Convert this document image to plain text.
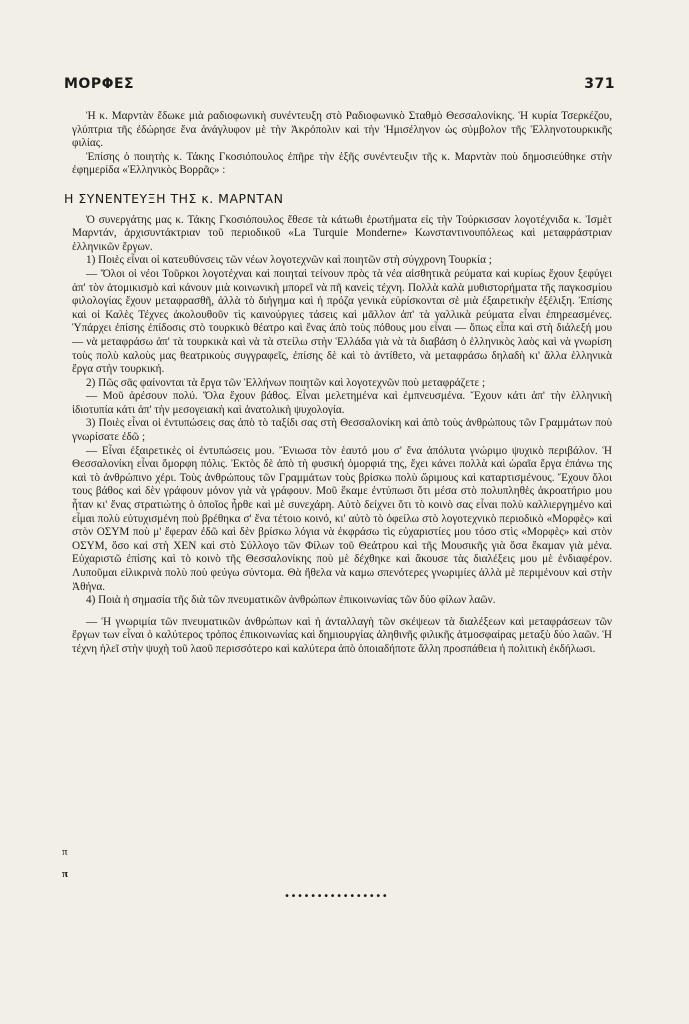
ΜΟΡΦΕΣ	371

Ἡ κ. Μαρντὰν ἔδωκε μιὰ ραδιοφωνικὴ συνέντευξη στὸ Ραδιοφωνικὸ Σταθμὸ Θεσσαλονίκης. Ἡ κυρία Τσερκέζου, γλύπτρια τῆς ἐδώρησε ἕνα ἀνάγλυφον μὲ τὴν Ἀκρόπολιν καὶ τὴν Ἡμισέληνον ὡς σύμβολον τῆς Ἑλληνοτουρκικῆς φιλίας.

Ἐπίσης ὁ ποιητὴς κ. Τάκης Γκοσιόπουλος ἐπῆρε τὴν ἑξῆς συνέντευξιν τῆς κ. Μαρντὰν ποὺ δημοσιεύθηκε στὴν ἐφημερίδα «Ἑλληνικὸς Βορρᾶς» :

Η ΣΥΝΕΝΤΕΥΞΗ ΤΗΣ κ. ΜΑΡΝΤΑΝ

Ὁ συνεργάτης μας κ. Τάκης Γκοσιόπουλος ἔθεσε τὰ κάτωθι ἐρωτήματα εἰς τὴν Τούρκισσαν λογοτέχνιδα κ. Ἰσμὲτ Μαρντάν, ἀρχισυντάκτριαν τοῦ περιοδικοῦ «La Turquie Monderne» Κωνσταντινουπόλεως καὶ μεταφράστριαν ἑλληνικῶν ἔργων.

1) Ποιὲς εἶναι οἱ κατευθύνσεις τῶν νέων λογοτεχνῶν καὶ ποιητῶν στὴ σύγχρονη Τουρκία ;

— Ὅλοι οἱ νέοι Τοῦρκοι λογοτέχναι καὶ ποιηταὶ τείνουν πρὸς τὰ νέα αἰσθητικὰ ρεύματα καὶ κυρίως ἔχουν ξεφύγει ἀπ' τὸν ἀτομικισμὸ καὶ κάνουν μιὰ κοινωνικὴ μπορεῖ νὰ πῆ κανεὶς τέχνη. Πολλὰ καλὰ μυθιστορήματα τῆς παγκοσμίου φιλολογίας ἔχουν μεταφρασθῆ, ἀλλὰ τὸ διήγημα καὶ ἡ πρόζα γενικὰ εὑρίσκονται σὲ μιὰ ἐξαιρετικὴν ἐξέλιξη. Ἐπίσης καὶ οἱ Καλὲς Τέχνες ἀκολουθοῦν τὶς καινούργιες τάσεις καὶ μᾶλλον ἀπ' τὰ γαλλικὰ ρεύματα εἶναι ἐπηρεασμένες. Ὑπάρχει ἐπίσης ἐπίδοσις στὸ τουρκικὸ θέατρο καὶ ἕνας ἀπὸ τοὺς πόθους μου εἶναι — ὅπως εἶπα καὶ στὴ διάλεξή μου — νὰ μεταφράσω ἀπ' τὰ τουρκικὰ καὶ νὰ τὰ στείλω στὴν Ἑλλάδα γιὰ νὰ τὰ διαβάση ὁ ἑλληνικὸς λαὸς καὶ νὰ γνωρίση τοὺς πολὺ καλοὺς μας θεατρικοὺς συγγραφεῖς, ἐπίσης δὲ καὶ τὸ ἀντίθετο, νὰ μεταφράσω δηλαδὴ κι' ἄλλα ἑλληνικὰ ἔργα στὴν τουρκική.

2) Πῶς σᾶς φαίνονται τὰ ἔργα τῶν Ἑλλήνων ποιητῶν καὶ λογοτεχνῶν ποὺ μεταφράζετε ;

— Μοῦ ἀρέσουν πολύ. Ὅλα ἔχουν βάθος. Εἶναι μελετημένα καὶ ἐμπνευσμένα. Ἔχουν κάτι ἀπ' τὴν ἑλληνικὴ ἰδιοτυπία κάτι ἀπ' τὴν μεσογειακὴ καὶ ἀνατολικὴ ψυχολογία.

3) Ποιὲς εἶναι οἱ ἐντυπώσεις σας ἀπὸ τὸ ταξίδι σας στὴ Θεσσαλονίκη καὶ ἀπὸ τοὺς ἀνθρώπους τῶν Γραμμάτων ποὺ γνωρίσατε ἐδῶ ;

— Εἶναι ἐξαιρετικὲς οἱ ἐντυπώσεις μου. Ἔνιωσα τὸν ἑαυτό μου σ' ἕνα ἀπόλυτα γνώριμο ψυχικὸ περιβάλον. Ἡ Θεσσαλονίκη εἶναι ὄμορφη πόλις. Ἐκτὸς δὲ ἀπὸ τὴ φυσική ὁμορφιά της, ἔχει κάνει πολλὰ καὶ ὡραῖα ἔργα ἐπάνω της καὶ τὸ ἀνθρώπινο χέρι. Τοὺς ἀνθρώπους τῶν Γραμμάτων τοὺς βρίσκω πολὺ ὥριμους καὶ καταρτισμένους. Ἔχουν ὅλοι τους βάθος καὶ δὲν γράφουν μόνον γιὰ νὰ γράφουν. Μοῦ ἔκαμε ἐντύπωσι ὅτι μέσα στὸ πολυπληθὲς ἀκροατήριο μου ἦταν κι' ἕνας στρατιώτης ὁ ὁποῖος ἦρθε καὶ μὲ συνεχάρη. Αὐτὸ δείχνει ὅτι τὸ κοινὸ σας εἶναι πολὺ καλλιεργημένο καὶ εἶμαι πολὺ εὐτυχισμένη ποὺ βρέθηκα σ' ἕνα τέτοιο κοινό, κι' αὐτὸ τὸ ὀφείλω στὸ λογοτεχνικὸ περιοδικὸ «Μορφὲς» καὶ στὸν ΟΣΥΜ ποὺ μ' ἔφεραν ἐδῶ καὶ δὲν βρίσκω λόγια νὰ ἐκφράσω τὶς εὐχαριστίες μου τόσο στὶς «Μορφὲς» καὶ στὸν ΟΣΥΜ, ὅσο καὶ στὴ ΧΕΝ καὶ στὸ Σύλλογο τῶν Φίλων τοῦ Θεάτρου καὶ τῆς Μουσικῆς γιὰ ὅσα ἔκαμαν γιὰ μένα. Εὐχαριστῶ ἐπίσης καὶ τὸ κοινὸ τῆς Θεσσαλονίκης ποὺ μὲ δέχθηκε καὶ ἄκουσε τὰς διαλέξεις μου μὲ ἐνδιαφέρον. Λυποῦμαι εἰλικρινὰ πολὺ ποὺ φεύγω σύντομα. Θὰ ἤθελα νὰ καμω σπενότερες γνωριμίες ἀλλὰ μὲ περιμένουν καὶ στὴν Ἀθήνα.

4) Ποιὰ ἡ σημασία τῆς διὰ τῶν πνευματικῶν ἀνθρώπων ἐπικοινωνίας τῶν δύο φίλων λαῶν.

— Ἡ γνωριμία τῶν πνευματικῶν ἀνθρώπων καὶ ἡ ἀνταλλαγὴ τῶν σκέψεων τὰ διαλέξεων καὶ μεταφράσεων τῶν ἔργων των εἶναι ὁ καλύτερος τρόπος ἐπικοινωνίας καὶ δημιουργίας ἀληθινῆς φιλικῆς ἀτμοσφαίρας μεταξὺ δύο λαῶν. Ἡ τέχνη ἠλεῖ στὴν ψυχὴ τοῦ λαοῦ περισσότερο καὶ καλύτερα ἀπὸ ὁποιαδήποτε ἄλλη προσπάθεια ἡ πολιτικὴ ἐκδήλωσι.

π
π
••••••••••••••••
